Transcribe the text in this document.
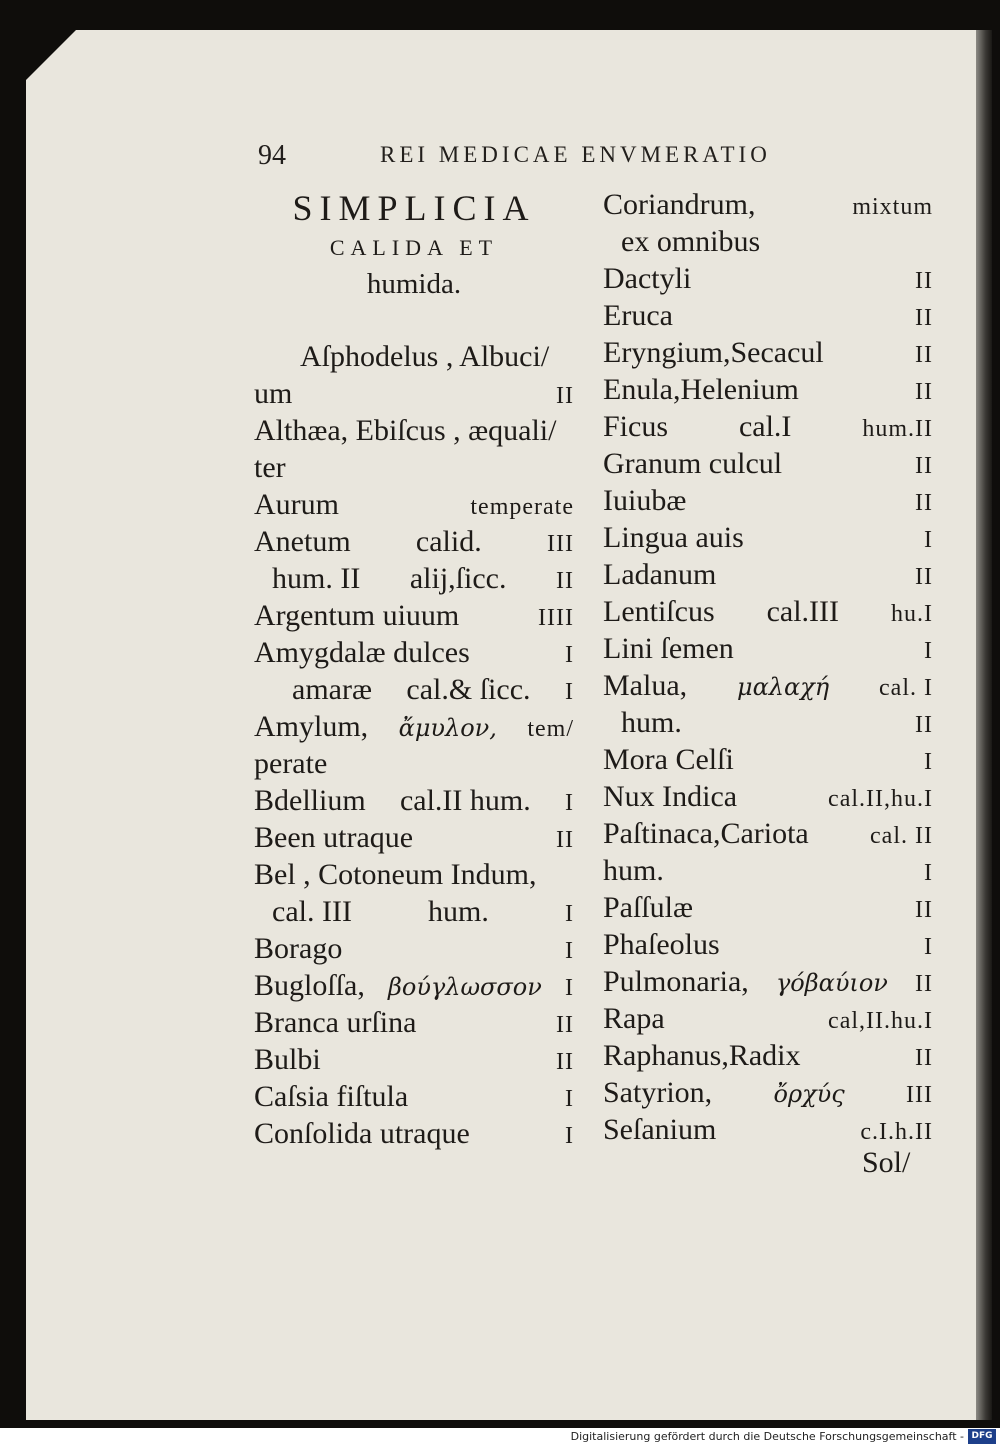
94	REI MEDICAE ENVMERATIO
SIMPLICIA
CALIDA ET
humida.
Aſphodelus , Albuci/
um	II
Althæa, Ebiſcus , æquali/
ter
Aurum	temperate
Anetum calid.	III
hum. II alij,ſicc. II
Argentum uiuum	IIII
Amygdalæ dulces	I
amaræ cal.& ſicc. I
Amylum, ἄμυλον, tem/
perate
Bdellium cal.II hum. I
Been utraque	II
Bel , Cotoneum Indum,
cal. III	hum.	I
Borago	I
Bugloſſa, βούγλωσσον I
Branca urſina	II
Bulbi	II
Caſsia fiſtula	I
Conſolida utraque	I
Coriandrum,	mixtum
ex omnibus
Dactyli	II
Eruca	II
Eryngium,Secacul	II
Enula,Helenium	II
Ficus cal.I	hum.II
Granum culcul	II
Iuiubæ	II
Lingua auis	I
Ladanum	II
Lentiſcus cal.III hu.I
Lini ſemen	I
Malua, μαλαχή cal. I
hum.	II
Mora Celſi	I
Nux Indica	cal.II,hu.I
Paſtinaca,Cariota	cal. II
hum.	I
Paſſulæ	II
Phaſeolus	I
Pulmonaria, γόβαύιον II
Rapa	cal,II.hu.I
Raphanus,Radix	II
Satyrion,	ὄρχύς	III
Seſanium	c.I.h.II
Sol/
Digitalisierung gefördert durch die Deutsche Forschungsgemeinschaft - DFG
